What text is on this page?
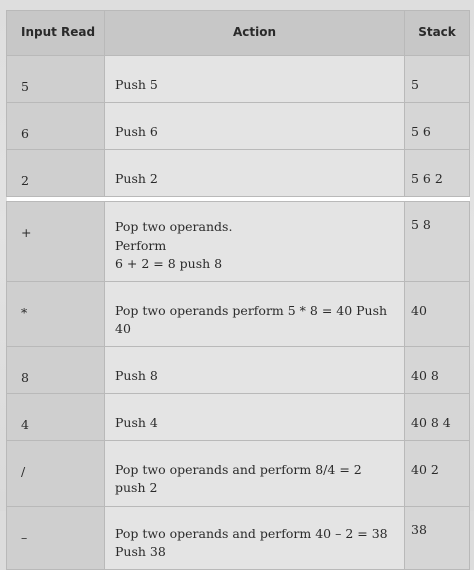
Input Read	Action	Stack
5	Push 5	5
6	Push 6	5 6
2	Push 2	5 6 2

+	Pop two operands.
Perform
6 + 2 = 8 push 8	5 8
*	Pop two operands perform 5 * 8 = 40 Push 40	40
8	Push 8	40 8
4	Push 4	40 8 4
/	Pop two operands and perform 8/4 = 2 push 2	40 2
–	Pop two operands and perform 40 – 2 = 38
Push 38	38
